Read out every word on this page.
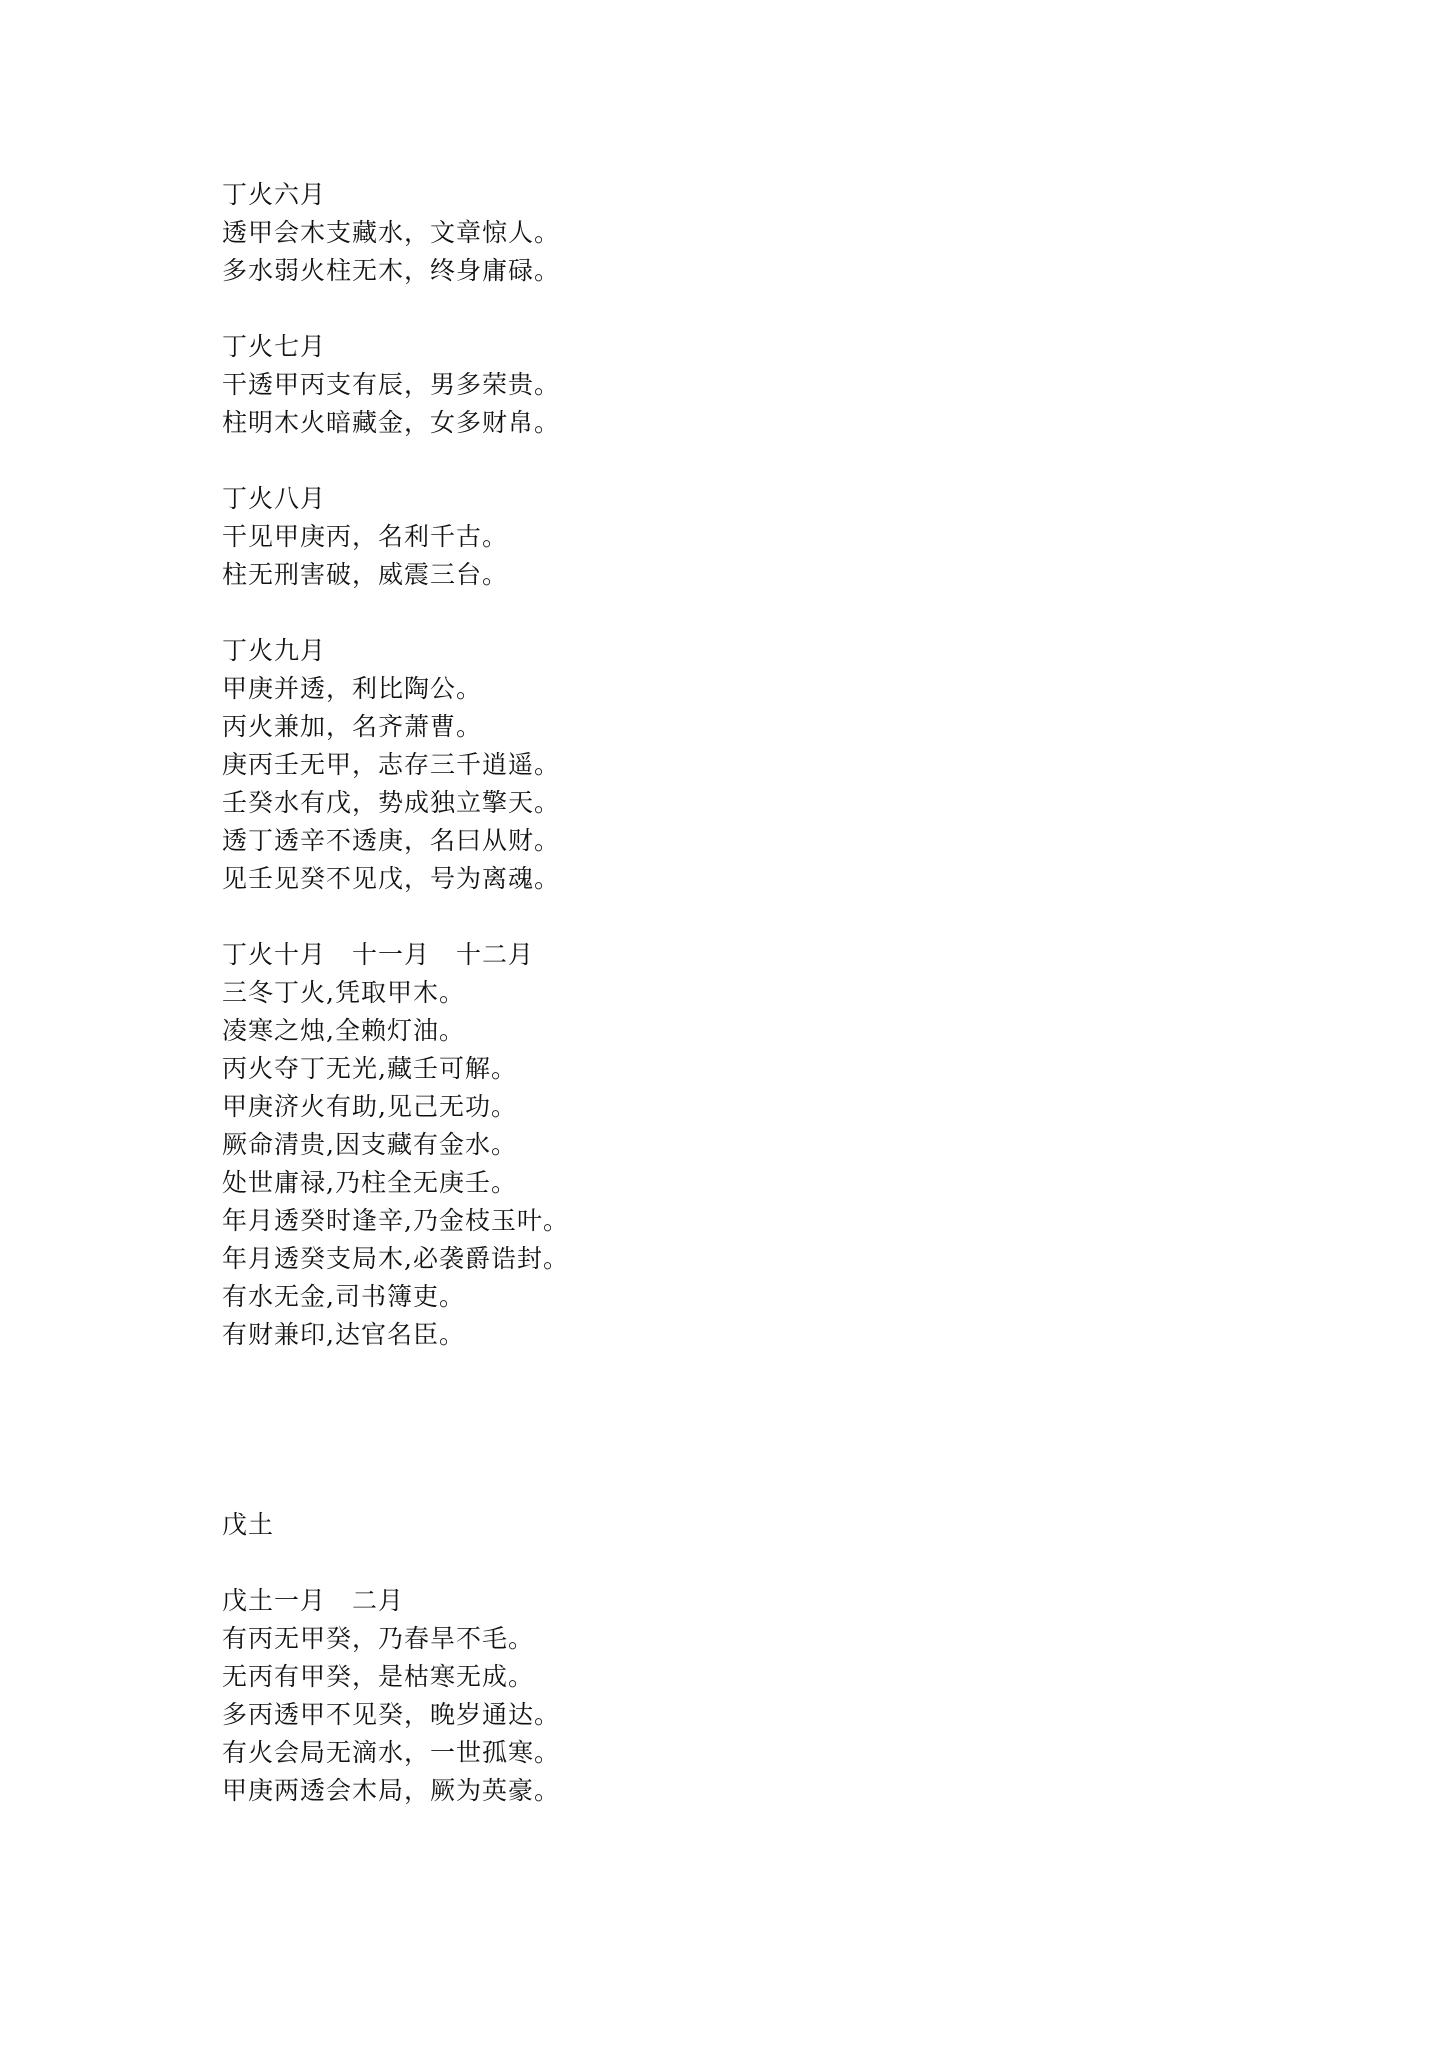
丁火六月
透甲会木支藏水，文章惊人。
多水弱火柱无木，终身庸碌。
丁火七月
干透甲丙支有辰，男多荣贵。
柱明木火暗藏金，女多财帛。
丁火八月
干见甲庚丙，名利千古。
柱无刑害破，威震三台。
丁火九月
甲庚并透，利比陶公。
丙火兼加，名齐萧曹。
庚丙壬无甲，志存三千逍遥。
壬癸水有戊，势成独立擎天。
透丁透辛不透庚，名曰从财。
见壬见癸不见戊，号为离魂。
丁火十月　十一月　十二月
三冬丁火,凭取甲木。
凌寒之烛,全赖灯油。
丙火夺丁无光,藏壬可解。
甲庚济火有助,见己无功。
厥命清贵,因支藏有金水。
处世庸禄,乃柱全无庚壬。
年月透癸时逢辛,乃金枝玉叶。
年月透癸支局木,必袭爵诰封。
有水无金,司书簿吏。
有财兼印,达官名臣。
戊土
戊土一月　二月
有丙无甲癸，乃春旱不毛。
无丙有甲癸，是枯寒无成。
多丙透甲不见癸，晚岁通达。
有火会局无滴水，一世孤寒。
甲庚两透会木局，厥为英豪。
